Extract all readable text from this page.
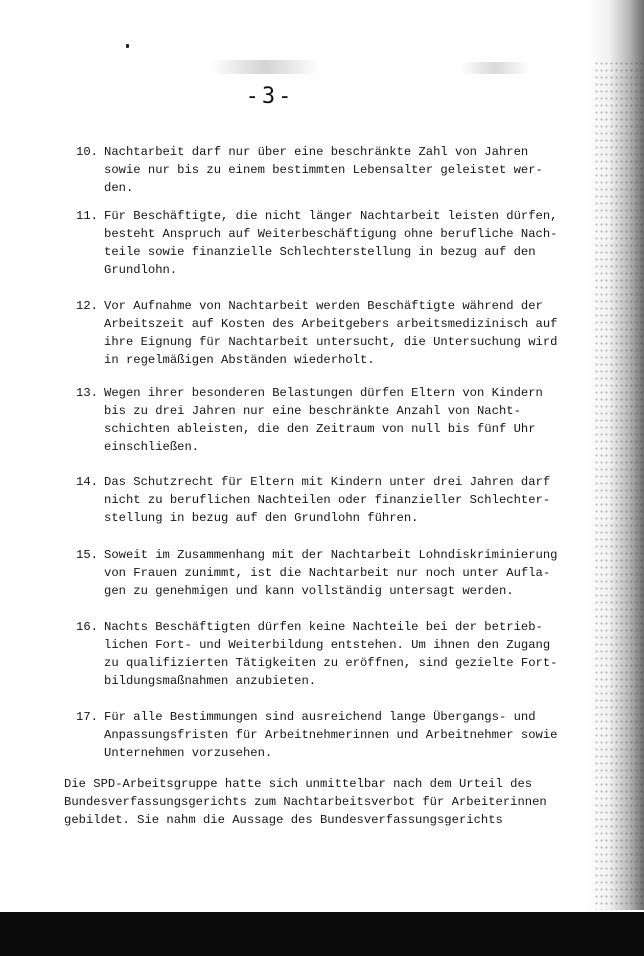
-3-
10. Nachtarbeit darf nur über eine beschränkte Zahl von Jahren
sowie nur bis zu einem bestimmten Lebensalter geleistet wer-
den.
11. Für Beschäftigte, die nicht länger Nachtarbeit leisten dürfen,
besteht Anspruch auf Weiterbeschäftigung ohne berufliche Nach-
teile sowie finanzielle Schlechterstellung in bezug auf den
Grundlohn.
12. Vor Aufnahme von Nachtarbeit werden Beschäftigte während der
Arbeitszeit auf Kosten des Arbeitgebers arbeitsmedizinisch auf
ihre Eignung für Nachtarbeit untersucht, die Untersuchung wird
in regelmäßigen Abständen wiederholt.
13. Wegen ihrer besonderen Belastungen dürfen Eltern von Kindern
bis zu drei Jahren nur eine beschränkte Anzahl von Nacht-
schichten ableisten, die den Zeitraum von null bis fünf Uhr
einschließen.
14. Das Schutzrecht für Eltern mit Kindern unter drei Jahren darf
nicht zu beruflichen Nachteilen oder finanzieller Schlechter-
stellung in bezug auf den Grundlohn führen.
15. Soweit im Zusammenhang mit der Nachtarbeit Lohndiskriminierung
von Frauen zunimmt, ist die Nachtarbeit nur noch unter Aufla-
gen zu genehmigen und kann vollständig untersagt werden.
16. Nachts Beschäftigten dürfen keine Nachteile bei der betrieb-
lichen Fort- und Weiterbildung entstehen. Um ihnen den Zugang
zu qualifizierten Tätigkeiten zu eröffnen, sind gezielte Fort-
bildungsmaßnahmen anzubieten.
17. Für alle Bestimmungen sind ausreichend lange Übergangs- und
Anpassungsfristen für Arbeitnehmerinnen und Arbeitnehmer sowie
Unternehmen vorzusehen.
Die SPD-Arbeitsgruppe hatte sich unmittelbar nach dem Urteil des
Bundesverfassungsgerichts zum Nachtarbeitsverbot für Arbeiterinnen
gebildet. Sie nahm die Aussage des Bundesverfassungsgerichts
